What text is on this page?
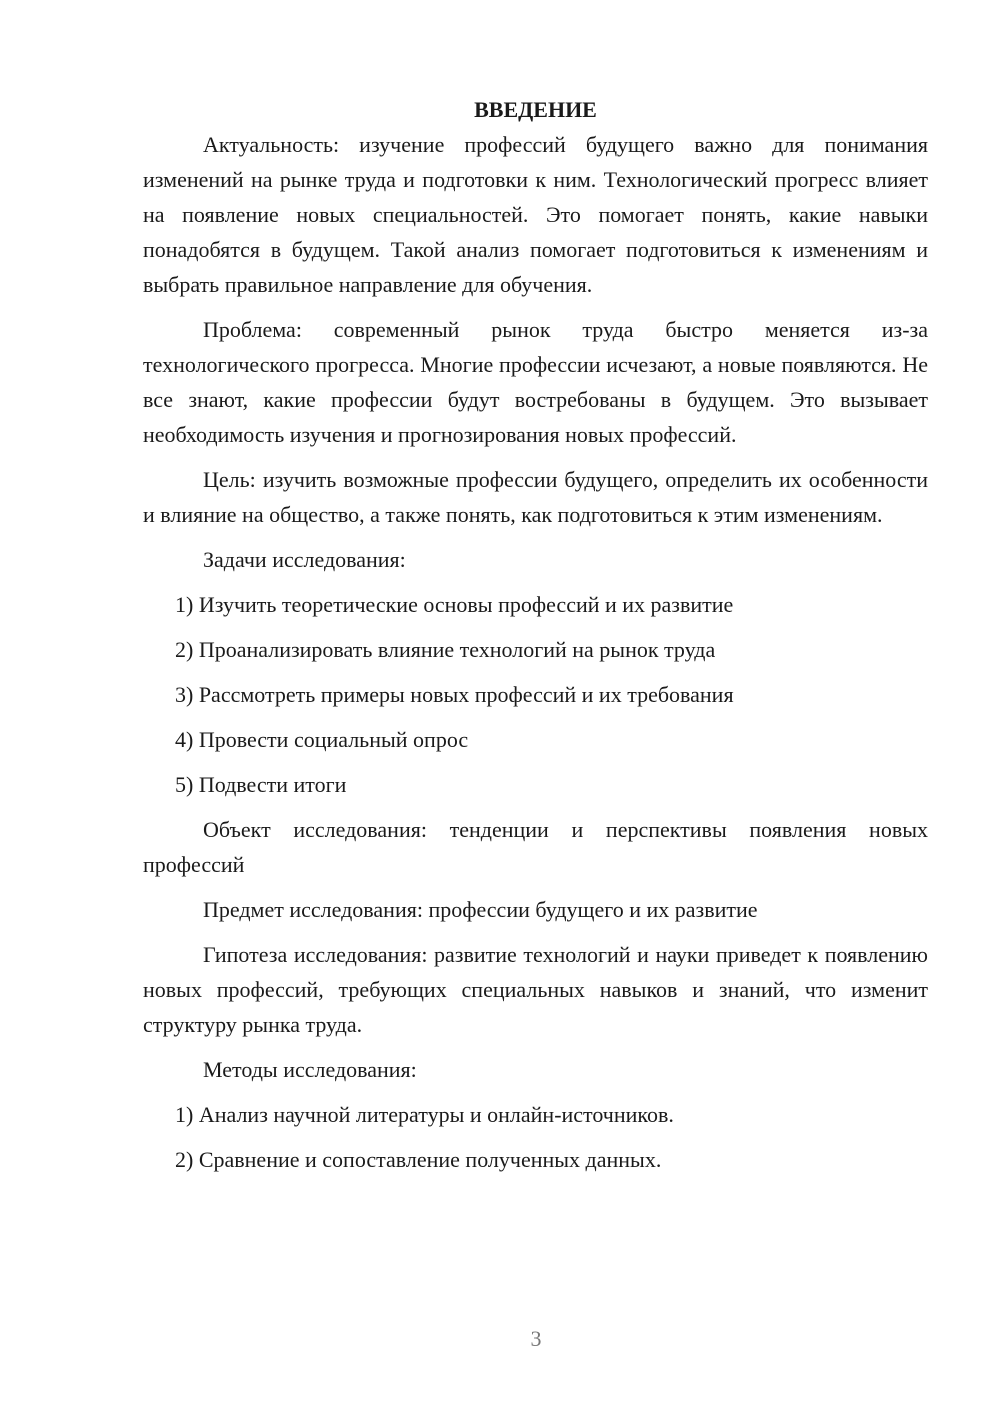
ВВЕДЕНИЕ

Актуальность: изучение профессий будущего важно для понимания изменений на рынке труда и подготовки к ним. Технологический прогресс влияет на появление новых специальностей. Это помогает понять, какие навыки понадобятся в будущем. Такой анализ помогает подготовиться к изменениям и выбрать правильное направление для обучения.

Проблема: современный рынок труда быстро меняется из-за технологического прогресса. Многие профессии исчезают, а новые появляются. Не все знают, какие профессии будут востребованы в будущем. Это вызывает необходимость изучения и прогнозирования новых профессий.

Цель: изучить возможные профессии будущего, определить их особенности и влияние на общество, а также понять, как подготовиться к этим изменениям.

Задачи исследования:

1) Изучить теоретические основы профессий и их развитие

2) Проанализировать влияние технологий на рынок труда

3) Рассмотреть примеры новых профессий и их требования

4) Провести социальный опрос

5) Подвести итоги

Объект исследования: тенденции и перспективы появления новых профессий

Предмет исследования: профессии будущего и их развитие

Гипотеза исследования: развитие технологий и науки приведет к появлению новых профессий, требующих специальных навыков и знаний, что изменит структуру рынка труда.

Методы исследования:

1) Анализ научной литературы и онлайн-источников.

2) Сравнение и сопоставление полученных данных.

3
